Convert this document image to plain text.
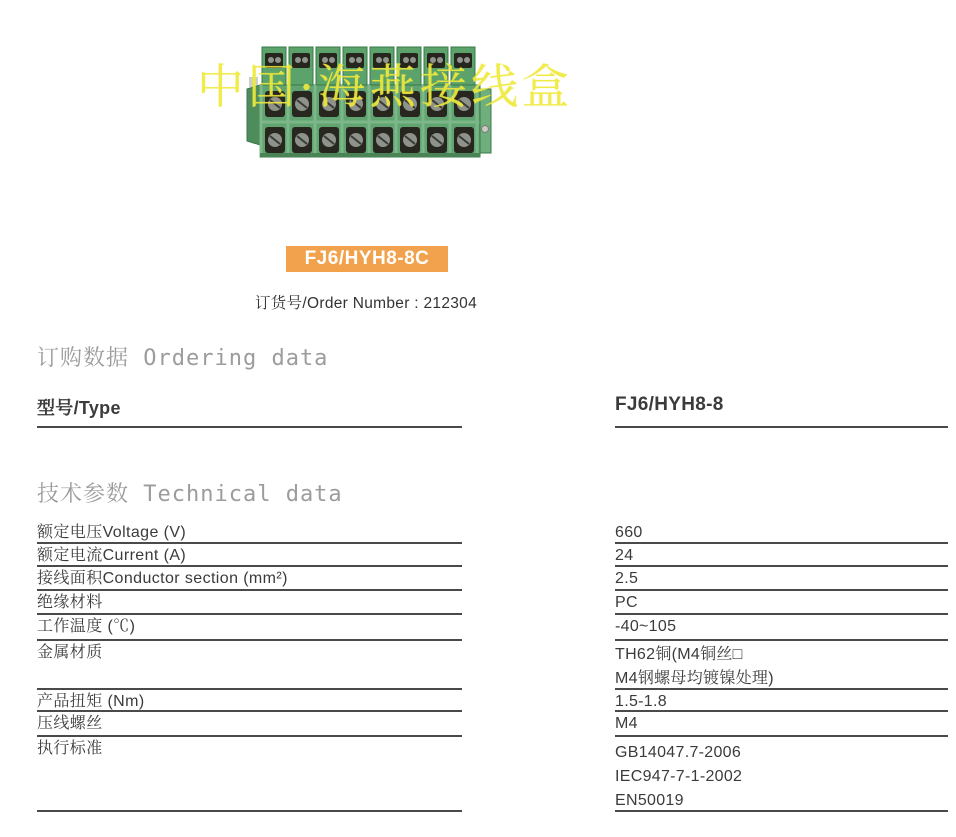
中国·海燕接线盒
FJ6/HYH8-8C
订货号/Order Number : 212304
订购数据 Ordering data
型号/Type	FJ6/HYH8-8
技术参数 Technical data
额定电压Voltage (V)	660
额定电流Current (A)	24
接线面积Conductor section (mm²)	2.5
绝缘材料	PC
工作温度 (℃)	-40~105
金属材质	TH62铜(M4铜丝□
M4钢螺母均镀镍处理)
产品扭矩 (Nm)	1.5-1.8
压线螺丝	M4
执行标准	GB14047.7-2006
IEC947-7-1-2002
EN50019
